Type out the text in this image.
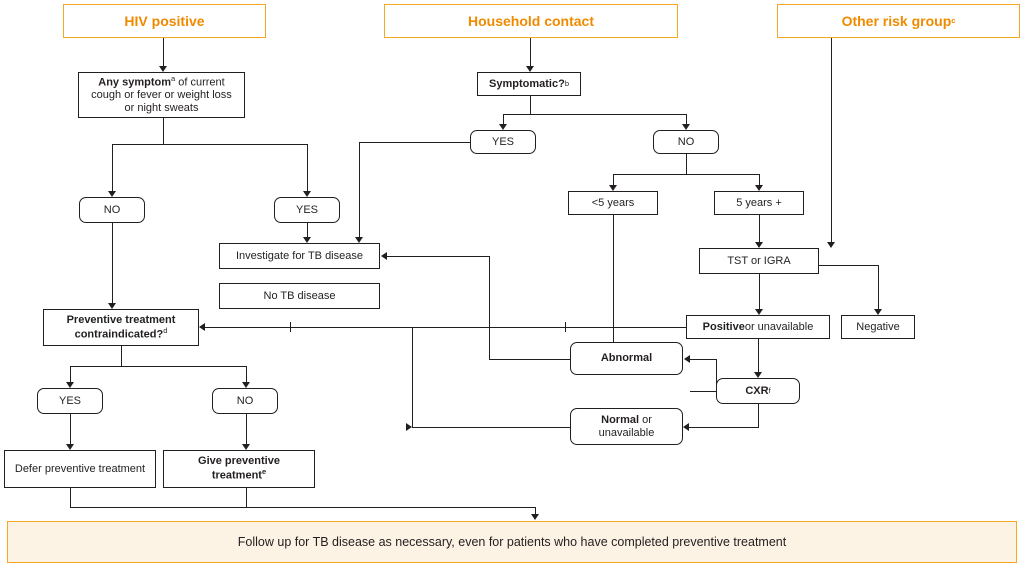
HIV positive	Household contact	Other risk group c
Any symptom$^a$ of current cough or fever or weight loss or night sweats
Symptomatic? b
YES	NO
NO	YES
<5 years	5 years +
Investigate for TB disease	TST or IGRA
No TB disease
Positive or unavailable	Negative
Preventive treatment contraindicated?$^d$
Abnormal
CXR f
Normal or unavailable
YES	NO
Defer preventive treatment
Give preventive treatment$^e$
Follow up for TB disease as necessary, even for patients who have completed preventive treatment
